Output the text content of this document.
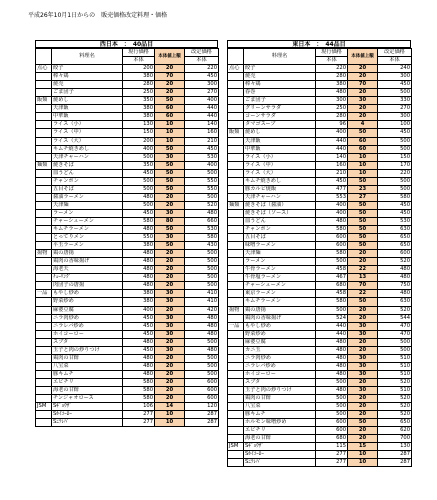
平成26年10月1日からの　販売価格改定料理・価格
西日本　：　40品目
	料理名	現行価格	本体値上額	改定価格
		本体		本体
点心	餃子	200	20	220
	棒々鶏	380	70	450
	焼売	280	20	300
	ごま団子	250	20	270
飯類	焼めし	350	50	400
	天津飯	380	60	440
	中華飯	380	60	440
	ライス（小）	130	10	140
	ライス（中）	150	10	160
	ライス（大）	200	10	210
	キムチ焼きめし	400	50	450
	天津チャーハン	500	30	530
麺類	焼きそば	350	50	400
	皿うどん	450	50	500
	チャンポン	500	50	550
	五目そば	500	50	550
	醤油ラーメン	480	20	500
	天津麺	500	20	520
	ラーメン	450	30	480
	チャーシューメン	580	80	660
	キムチラーメン	480	50	530
	とってりメン	550	30	580
	平玉ラーメン	380	50	430
揚物	鶏の唐揚	480	20	500
	鶏肉の香味揚げ	480	20	500
	海老天	480	20	500
	ﾁｭｰﾘﾝｸﾞ	480	20	500
	肉団子の唐揚	480	20	500
一品	もやし炒め	380	30	410
	野菜炒め	380	30	410
	麻婆豆腐	400	20	420
	ニラ肉炒め	450	30	480
	ニラレバ炒め	450	30	480
	ホイコーロー	450	30	480
	スブタ	480	20	500
	玉子と肉の炒りつけ	450	30	480
	鶏肉の甘酢	480	20	500
	八宝菜	480	20	500
	豚キムチ	480	20	500
	エビチリ	580	20	600
	海老の甘酢	580	20	600
	チンジャオロース	580	20	600
JSM	Sｷﾞｮｳｻﾞ	106	14	120
	Sﾎｲｺｰﾛｰ	277	10	287
	Sﾆﾗﾚﾊﾞ	277	10	287
東日本　：　44品目
	料理名	現行価格	本体値上額	改定価格
		本体		本体
点心	餃子	220	20	240
	焼売	280	20	300
	棒々鶏	380	70	450
	春巻	480	20	500
	ごま団子	300	30	330
	グリーンサラダ	250	20	270
	コーンサラダ	280	20	300
	タマゴスープ	96	4	100
飯類	焼めし	400	50	450
	天津飯	440	60	500
	中華飯	440	60	500
	ライス（小）	140	10	150
	ライス（中）	160	10	170
	ライス（大）	210	10	220
	キムチ焼きめし	450	50	500
	豚カルビ焼飯	477	23	500
	天津チャーハン	553	27	580
麺類	焼きそば（醤油）	400	50	450
	焼きそば（ソース）	400	50	450
	皿うどん	480	50	530
	チャンポン	580	50	630
	五目そば	600	50	650
	味噌ラーメン	600	50	650
	天津麺	580	20	600
	ラーメン	500	20	520
	牛骨ラーメン	458	22	480
	牛骨塩ラーメン	467	13	480
	チャーシューメン	680	70	750
	東京ラーメン	458	22	480
	キムチラーメン	580	50	630
揚物	鶏の唐揚	500	20	520
	鶏肉の香味揚げ	524	20	544
一品	もやし炒め	440	30	470
	野菜炒め	440	30	470
	麻婆豆腐	480	20	500
	カニ玉	480	20	500
	ニラ肉炒め	480	30	510
	ニラレバ炒め	480	30	510
	ホイコーロー	480	30	510
	スブタ	500	20	520
	玉子と肉の炒りつけ	480	30	510
	鶏肉の甘酢	500	20	520
	八宝菜	500	20	520
	豚キムチ	500	20	520
	ホルモン味噌炒め	600	50	650
	エビチリ	600	20	620
	海老の甘酢	680	20	700
JSM	Sｷﾞｮｳｻﾞ	115	15	130
	Sﾎｲｺｰﾛｰ	277	10	287
	Sﾆﾗﾚﾊﾞ	277	10	287
